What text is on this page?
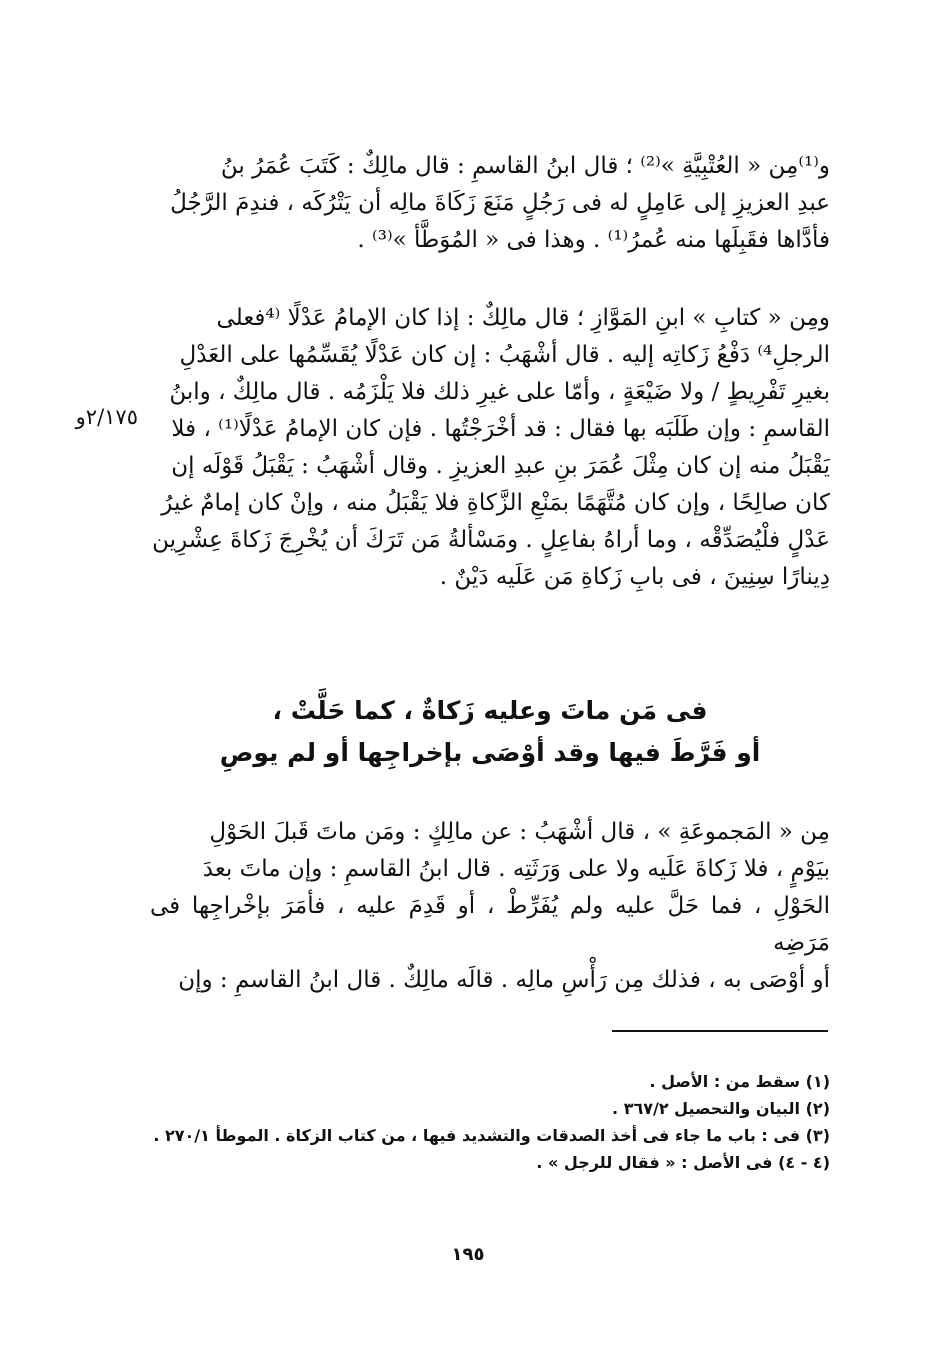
و⁽¹⁾مِن « العُتْبِيَّةِ »⁽²⁾ ؛ قال ابنُ القاسمِ : قال مالِكٌ : كَتَبَ عُمَرُ بنُ

عبدِ العزيزِ إلى عَامِلٍ له فى رَجُلٍ مَنَعَ زَكَاةَ مالِه أن يَتْرُكَه ، فندِمَ الرَّجُلُ

فأدَّاها فقَبِلَها منه عُمرُ⁽¹⁾ . وهذا فى « المُوَطَّأ »⁽³⁾ .

ومِن « كتابِ » ابنِ المَوَّازِ ؛ قال مالِكٌ : إذا كان الإمامُ عَدْلًا ⁽⁴فعلى

الرجلِ⁴⁾ دَفْعُ زَكاتِه إليه . قال أشْهَبُ : إن كان عَدْلًا يُقَسِّمُها على العَدْلِ

بغيرِ تَفْرِيطٍ / ولا ضَيْعَةٍ ، وأمّا على غيرِ ذلك فلا يَلْزَمُه . قال مالِكٌ ، وابنُ

القاسمِ : وإن طَلَبَه بها فقال : قد أخْرَجْتُها . فإن كان الإمامُ عَدْلًا⁽¹⁾ ، فلا

يَقْبَلُ منه إن كان مِثْلَ عُمَرَ بنِ عبدِ العزيزِ . وقال أشْهَبُ : يَقْبَلُ قَوْلَه إن

كان صالِحًا ، وإن كان مُتَّهَمًا بمَنْعِ الزَّكاةِ فلا يَقْبَلُ منه ، وإنْ كان إمامٌ غيرُ

عَدْلٍ فلْيُصَدِّقْه ، وما أراهُ بفاعِلٍ . ومَسْألةُ مَن تَرَكَ أن يُخْرِجَ زَكاةَ عِشْرِين

دِينارًا سِنِينَ ، فى بابِ زَكاةِ مَن عَلَيه دَيْنٌ .

٢/١٧٥و
فى مَن ماتَ وعليه زَكاةٌ ، كما حَلَّتْ ،
أو فَرَّطَ فيها وقد أوْصَى بإخراجِها أو لم يوصِ

مِن « المَجموعَةِ » ، قال أشْهَبُ : عن مالِكٍ : ومَن ماتَ قَبلَ الحَوْلِ

بيَوْمٍ ، فلا زَكاةَ عَلَيه ولا على وَرَثَتِه . قال ابنُ القاسمِ : وإن ماتَ بعدَ

الحَوْلِ ، فما حَلَّ عليه ولم يُفَرِّطْ ، أو قَدِمَ عليه ، فأمَرَ بإخْراجِها فى مَرَضِه

أو أوْصَى به ، فذلك مِن رَأْسِ مالِه . قالَه مالِكٌ . قال ابنُ القاسمِ : وإن

(١) سقط من : الأصل .

(٢) البيان والتحصيل ٣٦٧/٢ .

(٣) فى : باب ما جاء فى أخذ الصدقات والتشديد فيها ، من كتاب الزكاة . الموطأ ٢٧٠/١ .

(٤ - ٤) فى الأصل : « فقال للرجل » .

١٩٥
